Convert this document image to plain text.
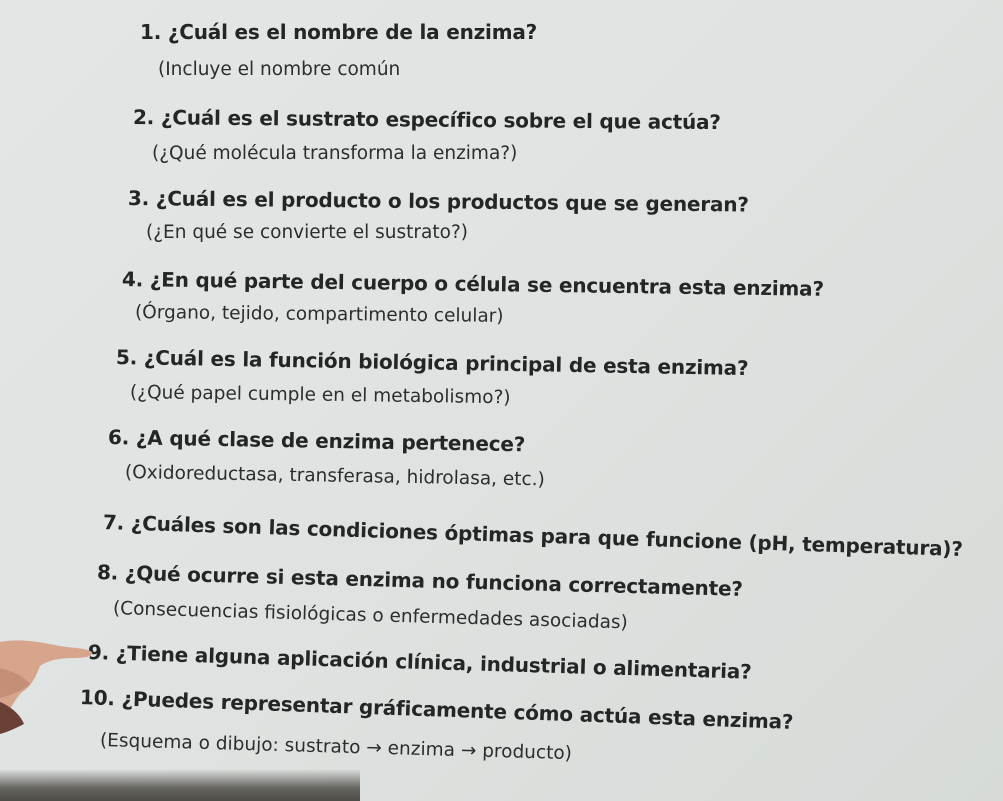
1. ¿Cuál es el nombre de la enzima?
(Incluye el nombre común
2. ¿Cuál es el sustrato específico sobre el que actúa?
(¿Qué molécula transforma la enzima?)
3. ¿Cuál es el producto o los productos que se generan?
(¿En qué se convierte el sustrato?)
4. ¿En qué parte del cuerpo o célula se encuentra esta enzima?
(Órgano, tejido, compartimento celular)
5. ¿Cuál es la función biológica principal de esta enzima?
(¿Qué papel cumple en el metabolismo?)
6. ¿A qué clase de enzima pertenece?
(Oxidoreductasa, transferasa, hidrolasa, etc.)
7. ¿Cuáles son las condiciones óptimas para que funcione (pH, temperatura)?
8. ¿Qué ocurre si esta enzima no funciona correctamente?
(Consecuencias fisiológicas o enfermedades asociadas)
9. ¿Tiene alguna aplicación clínica, industrial o alimentaria?
10. ¿Puedes representar gráficamente cómo actúa esta enzima?
(Esquema o dibujo: sustrato → enzima → producto)
